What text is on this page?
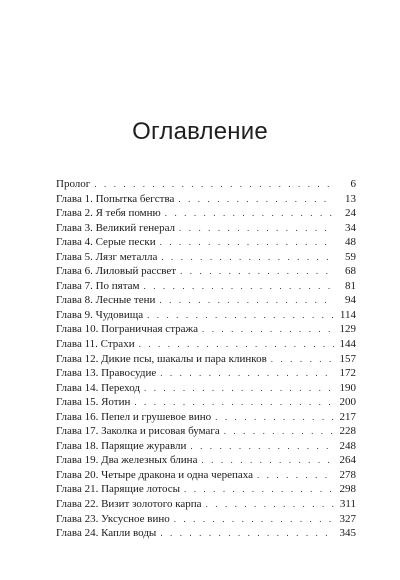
Оглавление
Пролог . . .	6
Глава 1. Попытка бегства . . .	13
Глава 2. Я тебя помню . . .	24
Глава 3. Великий генерал . . .	34
Глава 4. Серые пески . . .	48
Глава 5. Лязг металла . . .	59
Глава 6. Лиловый рассвет . . .	68
Глава 7. По пятам . . .	81
Глава 8. Лесные тени . . .	94
Глава 9. Чудовища . . .	114
Глава 10. Пограничная стража . . .	129
Глава 11. Страхи . . .	144
Глава 12. Дикие псы, шакалы и пара клинков . . .	157
Глава 13. Правосудие . . .	172
Глава 14. Переход . . .	190
Глава 15. Яотин . . .	200
Глава 16. Пепел и грушевое вино . . .	217
Глава 17. Заколка и рисовая бумага . . .	228
Глава 18. Парящие журавли . . .	248
Глава 19. Два железных блина . . .	264
Глава 20. Четыре дракона и одна черепаха . . .	278
Глава 21. Парящие лотосы . . .	298
Глава 22. Визит золотого карпа . . .	311
Глава 23. Уксусное вино . . .	327
Глава 24. Капли воды . . .	345
